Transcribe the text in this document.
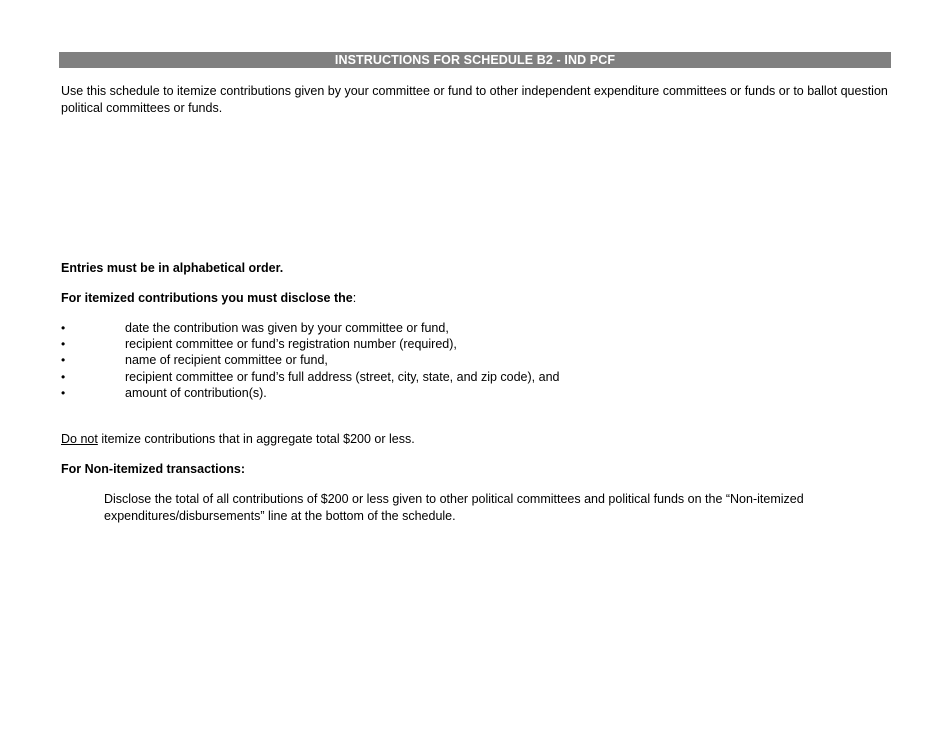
INSTRUCTIONS FOR SCHEDULE B2 - IND PCF

Use this schedule to itemize contributions given by your committee or fund to other independent expenditure committees or funds or to ballot question political committees or funds.

Entries must be in alphabetical order.

For itemized contributions you must disclose the:

•	date the contribution was given by your committee or fund,
•	recipient committee or fund’s registration number (required),
•	name of recipient committee or fund,
•	recipient committee or fund’s full address (street, city, state, and zip code), and
•	amount of contribution(s).

Do not itemize contributions that in aggregate total $200 or less.

For Non-itemized transactions:

Disclose the total of all contributions of $200 or less given to other political committees and political funds on the “Non-itemized expenditures/disbursements” line at the bottom of the schedule.
